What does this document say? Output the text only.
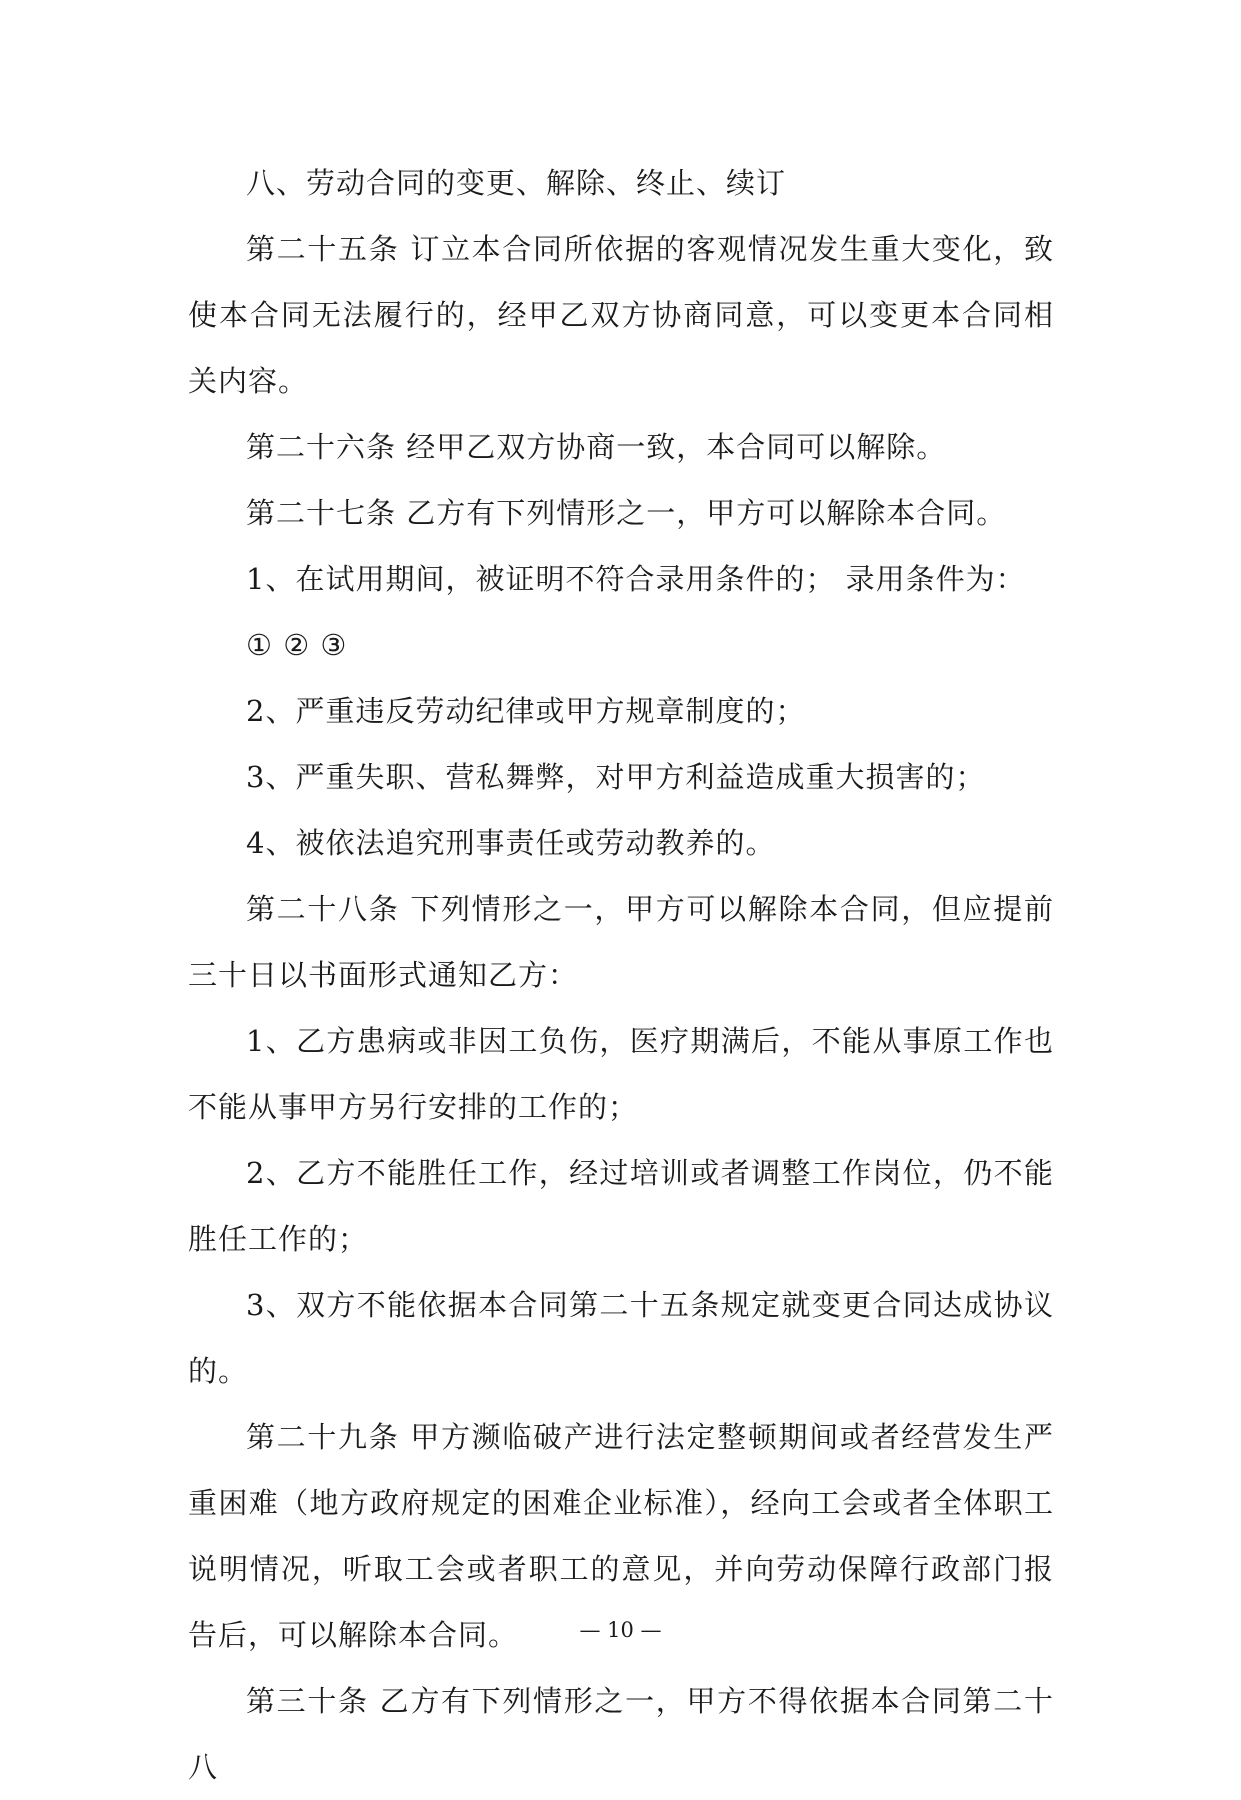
八、劳动合同的变更、解除、终止、续订

第二十五条 订立本合同所依据的客观情况发生重大变化，致使本合同无法履行的，经甲乙双方协商同意，可以变更本合同相关内容。

第二十六条 经甲乙双方协商一致，本合同可以解除。

第二十七条 乙方有下列情形之一，甲方可以解除本合同。

1、在试用期间，被证明不符合录用条件的； 录用条件为：

① ② ③

2、严重违反劳动纪律或甲方规章制度的；

3、严重失职、营私舞弊，对甲方利益造成重大损害的；

4、被依法追究刑事责任或劳动教养的。

第二十八条 下列情形之一，甲方可以解除本合同，但应提前三十日以书面形式通知乙方：

1、乙方患病或非因工负伤，医疗期满后，不能从事原工作也不能从事甲方另行安排的工作的；

2、乙方不能胜任工作，经过培训或者调整工作岗位，仍不能胜任工作的；

3、双方不能依据本合同第二十五条规定就变更合同达成协议的。

第二十九条 甲方濒临破产进行法定整顿期间或者经营发生严重困难（地方政府规定的困难企业标准），经向工会或者全体职工说明情况，听取工会或者职工的意见，并向劳动保障行政部门报告后，可以解除本合同。

第三十条 乙方有下列情形之一，甲方不得依据本合同第二十八

— 10 —
